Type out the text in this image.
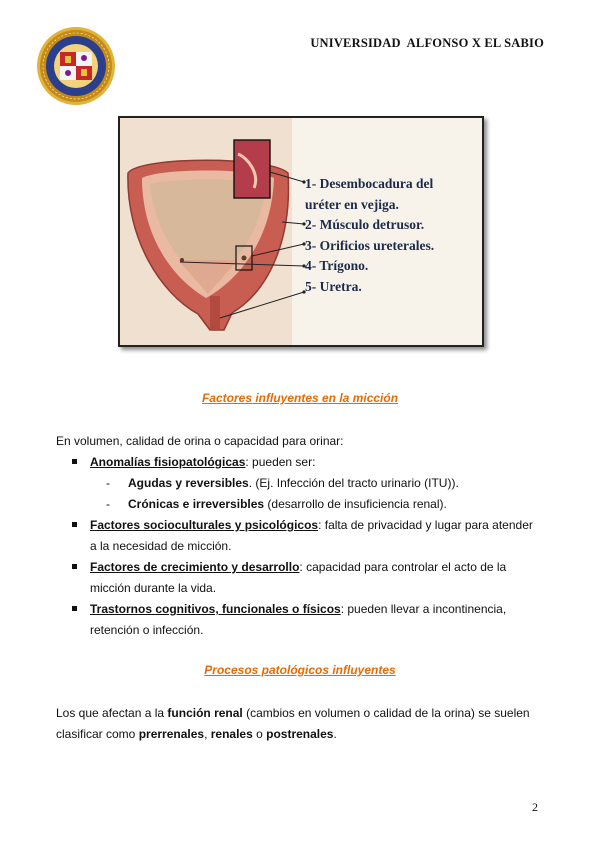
UNIVERSIDAD  ALFONSO X EL SABIO
1- Desembocadura del
uréter en vejiga.
2- Músculo detrusor.
3- Orificios ureterales.
4- Trígono.
5- Uretra.
Factores influyentes en la micción
En volumen, calidad de orina o capacidad para orinar:
Anomalías fisiopatológicas: pueden ser:
- Agudas y reversibles. (Ej. Infección del tracto urinario (ITU)).
- Crónicas e irreversibles (desarrollo de insuficiencia renal).
Factores socioculturales y psicológicos: falta de privacidad y lugar para atender
a la necesidad de micción.
Factores de crecimiento y desarrollo: capacidad para controlar el acto de la
micción durante la vida.
Trastornos cognitivos, funcionales o físicos: pueden llevar a incontinencia,
retención o infección.
Procesos patológicos influyentes
Los que afectan a la función renal (cambios en volumen o calidad de la orina) se suelen
clasificar como prerrenales, renales o postrenales.
2
